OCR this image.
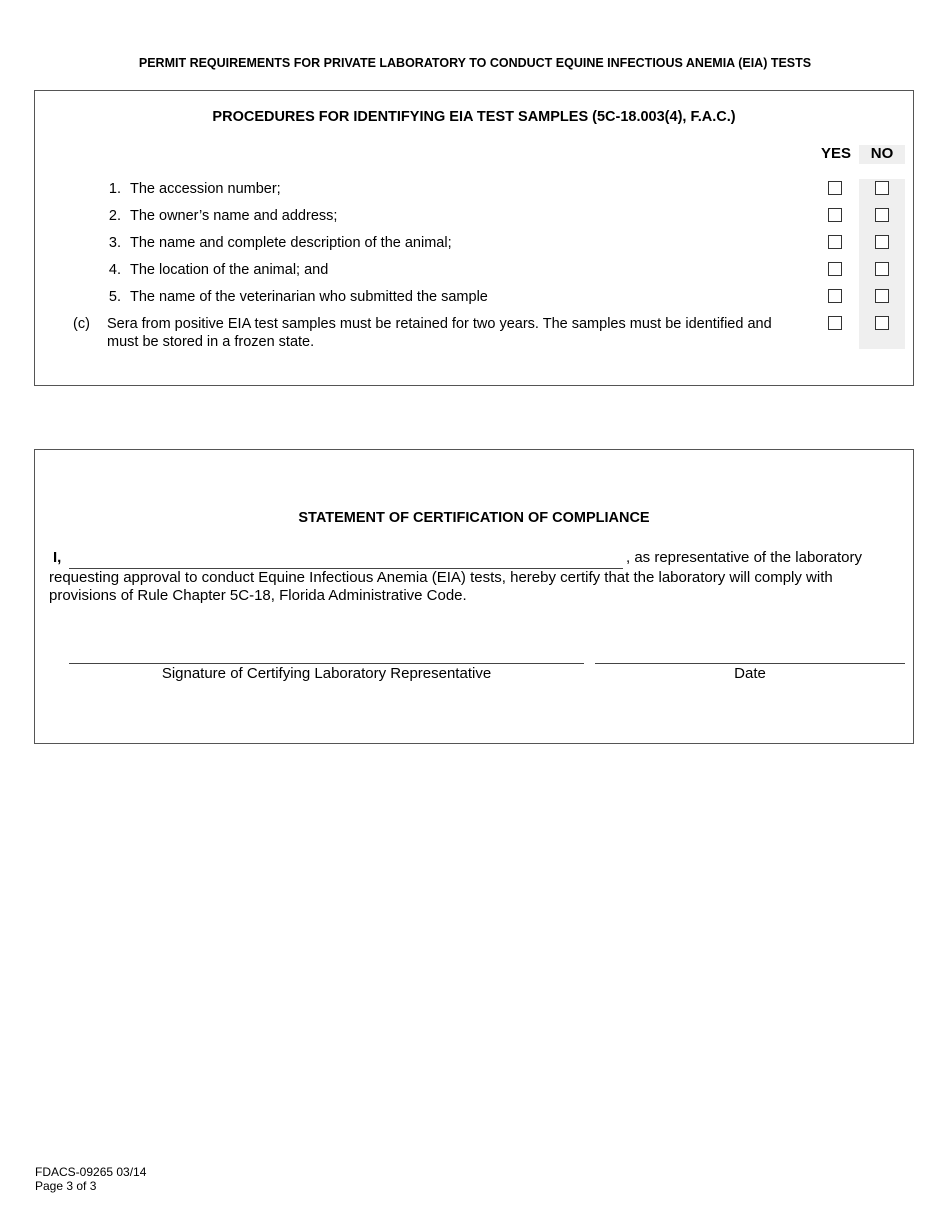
PERMIT REQUIREMENTS FOR PRIVATE LABORATORY TO CONDUCT EQUINE INFECTIOUS ANEMIA (EIA) TESTS
PROCEDURES FOR IDENTIFYING EIA TEST SAMPLES (5C-18.003(4), F.A.C.)
YES	NO
1. The accession number;
2. The owner’s name and address;
3. The name and complete description of the animal;
4. The location of the animal; and
5. The name of the veterinarian who submitted the sample
(c)	Sera from positive EIA test samples must be retained for two years. The samples must be identified and must be stored in a frozen state.
STATEMENT OF CERTIFICATION OF COMPLIANCE
I,	, as representative of the laboratory
requesting approval to conduct Equine Infectious Anemia (EIA) tests, hereby certify that the laboratory will comply with provisions of Rule Chapter 5C-18, Florida Administrative Code.
Signature of Certifying Laboratory Representative	Date
FDACS-09265 03/14
Page 3 of 3
